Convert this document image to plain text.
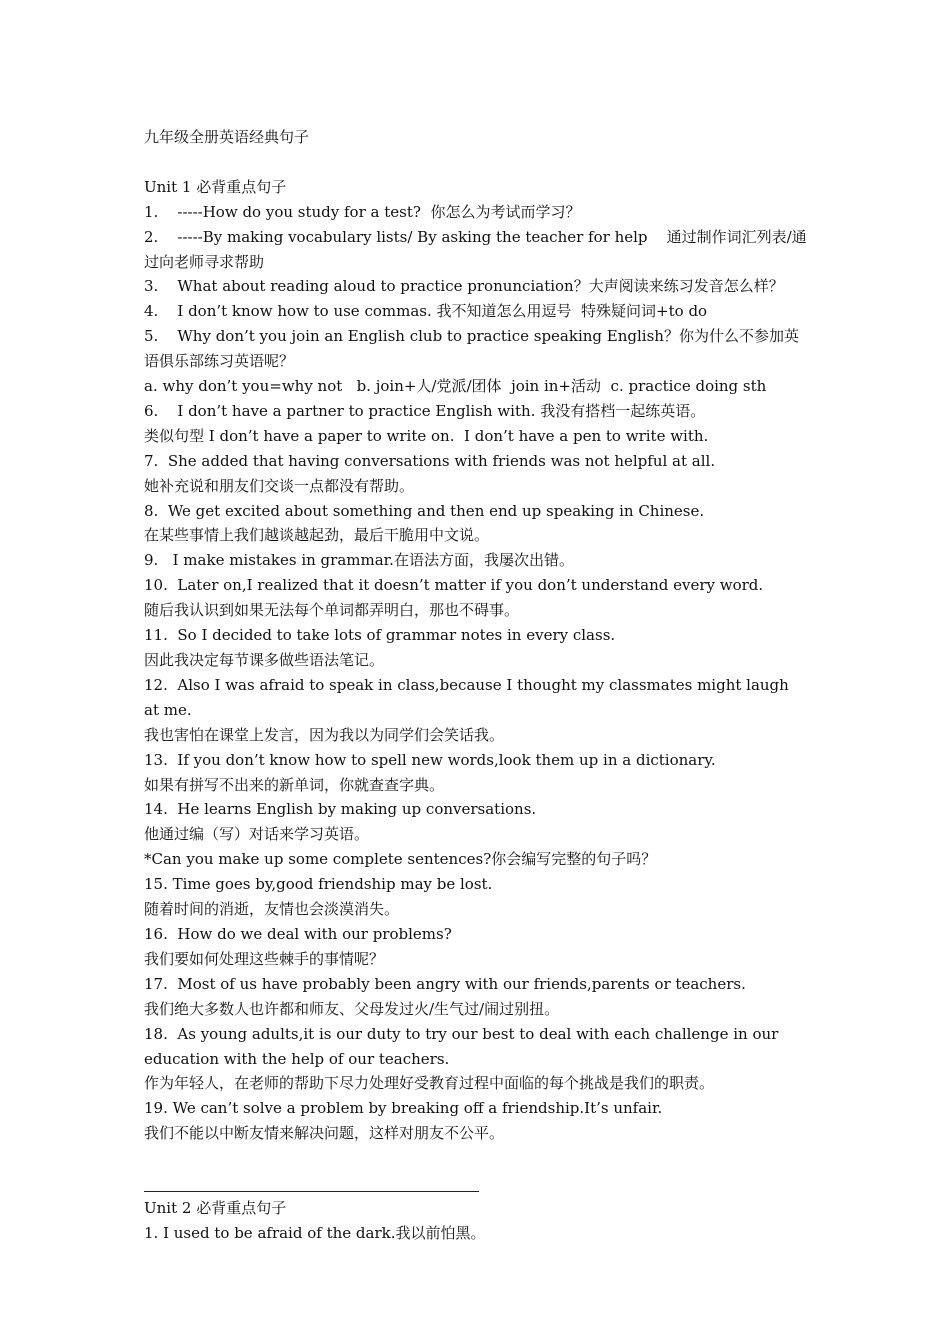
九年级全册英语经典句子
Unit 1 必背重点句子
1.    -----How do you study for a test?  你怎么为考试而学习？
2.    -----By making vocabulary lists/ By asking the teacher for help    通过制作词汇列表/通过向老师寻求帮助
3.    What about reading aloud to practice pronunciation？大声阅读来练习发音怎么样？
4.    I don’t know how to use commas. 我不知道怎么用逗号  特殊疑问词+to do
5.    Why don’t you join an English club to practice speaking English？你为什么不参加英语俱乐部练习英语呢？
a. why don’t you=why not   b. join+人/党派/团体  join in+活动  c. practice doing sth
6.    I don’t have a partner to practice English with. 我没有搭档一起练英语。
类似句型 I don’t have a paper to write on.  I don’t have a pen to write with.
7.  She added that having conversations with friends was not helpful at all.
她补充说和朋友们交谈一点都没有帮助。
8.  We get excited about something and then end up speaking in Chinese.
在某些事情上我们越谈越起劲，最后干脆用中文说。
9.   I make mistakes in grammar.在语法方面，我屡次出错。
10.  Later on,I realized that it doesn’t matter if you don’t understand every word.
随后我认识到如果无法每个单词都弄明白，那也不碍事。
11.  So I decided to take lots of grammar notes in every class.
因此我决定每节课多做些语法笔记。
12.  Also I was afraid to speak in class,because I thought my classmates might laugh  at me.
我也害怕在课堂上发言，因为我以为同学们会笑话我。
13.  If you don’t know how to spell new words,look them up in a dictionary.
如果有拼写不出来的新单词，你就查查字典。
14.  He learns English by making up conversations.
他通过编（写）对话来学习英语。
*Can you make up some complete sentences?你会编写完整的句子吗？
15. Time goes by,good friendship may be lost.
随着时间的消逝，友情也会淡漠消失。
16.  How do we deal with our problems?
我们要如何处理这些棘手的事情呢？
17.  Most of us have probably been angry with our friends,parents or teachers.
我们绝大多数人也许都和师友、父母发过火/生气过/闹过别扭。
18.  As young adults,it is our duty to try our best to deal with each challenge in our education with the help of our teachers.
作为年轻人，在老师的帮助下尽力处理好受教育过程中面临的每个挑战是我们的职责。
19. We can’t solve a problem by breaking off a friendship.It’s unfair.
我们不能以中断友情来解决问题，这样对朋友不公平。
Unit 2 必背重点句子
1. I used to be afraid of the dark.我以前怕黑。
